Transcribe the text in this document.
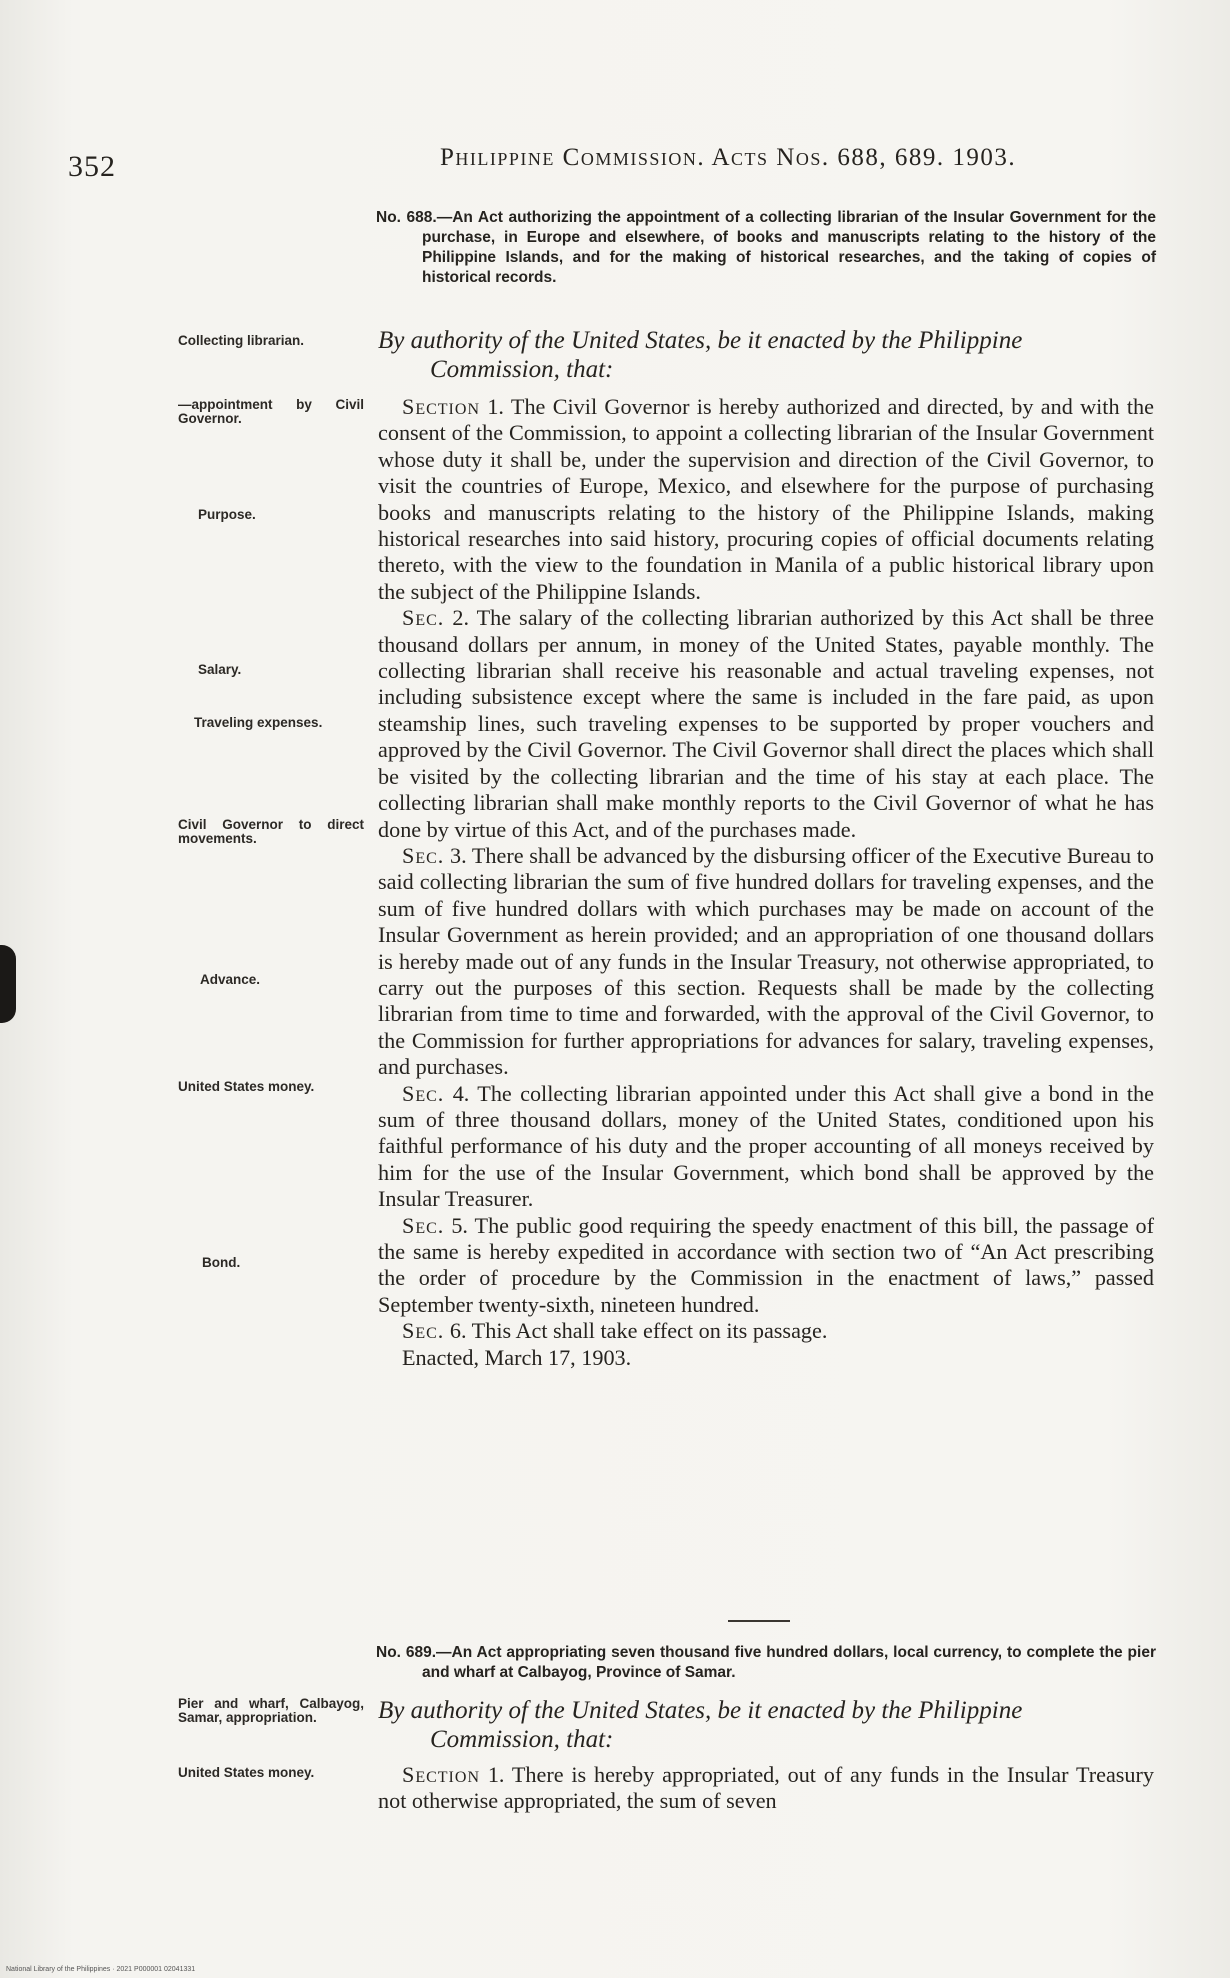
352	Philippine Commission. Acts Nos. 688, 689. 1903.
No. 688.—An Act authorizing the appointment of a collecting librarian of the Insular Government for the purchase, in Europe and elsewhere, of books and manuscripts relating to the history of the Philippine Islands, and for the making of historical researches, and the taking of copies of historical records.
By authority of the United States, be it enacted by the Philippine
Commission, that:

Section 1. The Civil Governor is hereby authorized and directed, by and with the consent of the Commission, to appoint a collecting librarian of the Insular Government whose duty it shall be, under the supervision and direction of the Civil Governor, to visit the countries of Europe, Mexico, and elsewhere for the purpose of purchasing books and manuscripts relating to the history of the Philippine Islands, making historical researches into said history, procuring copies of official documents relating thereto, with the view to the foundation in Manila of a public historical library upon the subject of the Philippine Islands.

Sec. 2. The salary of the collecting librarian authorized by this Act shall be three thousand dollars per annum, in money of the United States, payable monthly. The collecting librarian shall receive his reasonable and actual traveling expenses, not including subsistence except where the same is included in the fare paid, as upon steamship lines, such traveling expenses to be supported by proper vouchers and approved by the Civil Governor. The Civil Governor shall direct the places which shall be visited by the collecting librarian and the time of his stay at each place. The collecting librarian shall make monthly reports to the Civil Governor of what he has done by virtue of this Act, and of the purchases made.

Sec. 3. There shall be advanced by the disbursing officer of the Executive Bureau to said collecting librarian the sum of five hundred dollars for traveling expenses, and the sum of five hundred dollars with which purchases may be made on account of the Insular Government as herein provided; and an appropriation of one thousand dollars is hereby made out of any funds in the Insular Treasury, not otherwise appropriated, to carry out the purposes of this section. Requests shall be made by the collecting librarian from time to time and forwarded, with the approval of the Civil Governor, to the Commission for further appropriations for advances for salary, traveling expenses, and purchases.

Sec. 4. The collecting librarian appointed under this Act shall give a bond in the sum of three thousand dollars, money of the United States, conditioned upon his faithful performance of his duty and the proper accounting of all moneys received by him for the use of the Insular Government, which bond shall be approved by the Insular Treasurer.

Sec. 5. The public good requiring the speedy enactment of this bill, the passage of the same is hereby expedited in accordance with section two of “An Act prescribing the order of procedure by the Commission in the enactment of laws,” passed September twenty-sixth, nineteen hundred.

Sec. 6. This Act shall take effect on its passage.

Enacted, March 17, 1903.

No. 689.—An Act appropriating seven thousand five hundred dollars, local currency, to complete the pier and wharf at Calbayog, Province of Samar.
By authority of the United States, be it enacted by the Philippine
Commission, that:

Section 1. There is hereby appropriated, out of any funds in the Insular Treasury not otherwise appropriated, the sum of seven

Collecting librarian.
—appointment by Civil Governor.
Purpose.
Salary.
Traveling expenses.
Civil Governor to direct movements.
Advance.
United States money.
Bond.
Pier and wharf, Calbayog, Samar, appropriation.
United States money.
National Library of the Philippines · 2021 P000001 02041331
